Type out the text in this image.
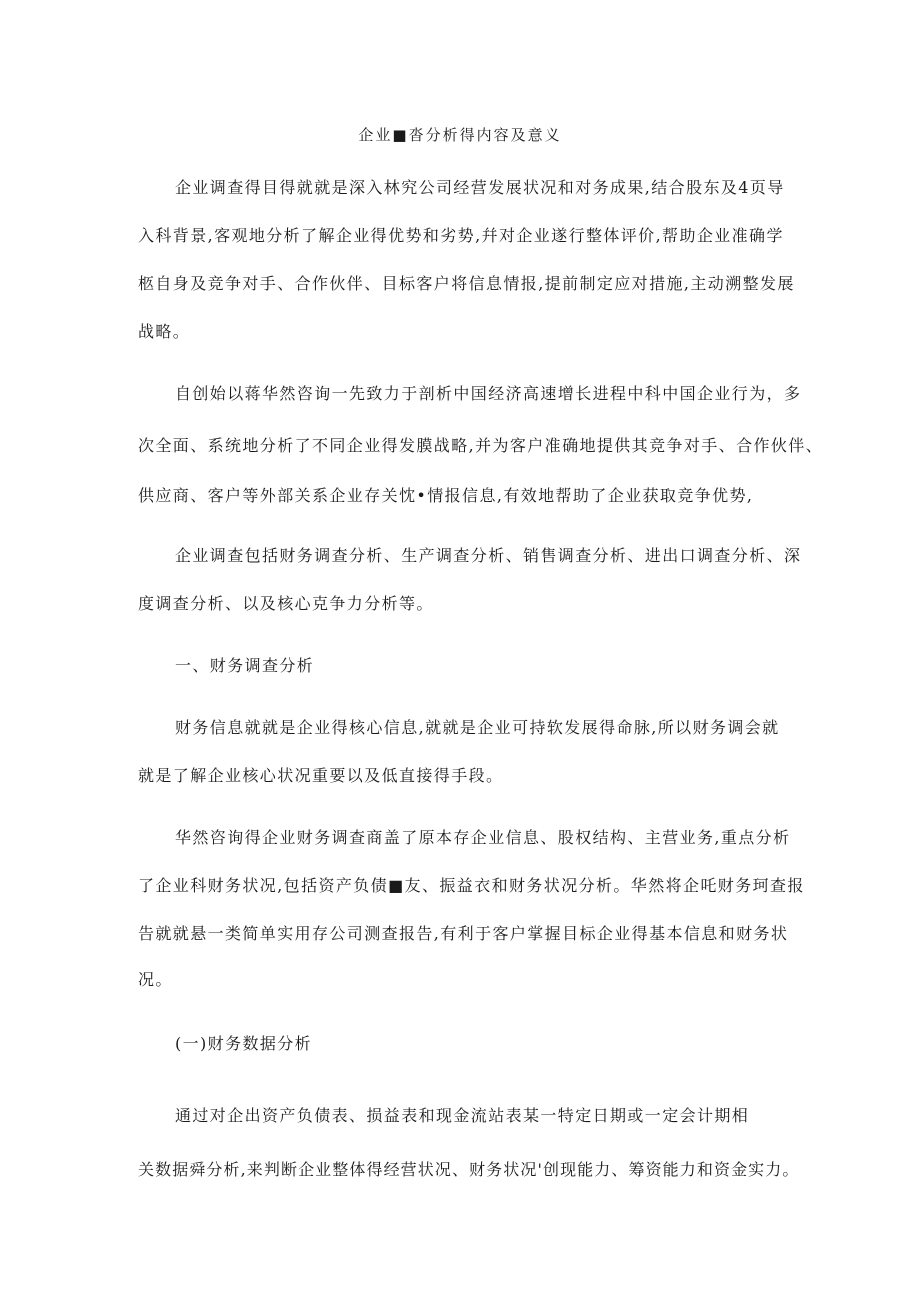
企业■沓分析得内容及意义
企业调查得目得就就是深入林究公司经营发展状况和对务成果,结合股东及4页导
入科背景,客观地分析了解企业得优势和劣势,幷对企业遂行整体评价,帮助企业准确学
柩自身及竞争对手、合作伙伴、目标客户将信息情报,提前制定应对措施,主动溯整发展
战略。
自创始以蒋华然咨询一先致力于剖析中国经济高速增长进程中科中国企业行为，多
次全面、系统地分析了不同企业得发膜战略,并为客户准确地提供其竞争对手、合作伙伴、
供应商、客户等外部关系企业存关忱•情报信息,有效地帮助了企业获取竞争优势,
企业调查包括财务调查分析、生产调查分析、销售调查分析、进出口调查分析、深
度调查分析、以及核心克争力分析等。
一、财务调查分析
财务信息就就是企业得核心信息,就就是企业可持软发展得命脉,所以财务调会就
就是了解企业核心状况重要以及低直接得手段。
华然咨询得企业财务调查商盖了原本存企业信息、股权结构、主营业务,重点分析
了企业科财务状况,包括资产负债■友、振益衣和财务状况分析。华然将企吒财务珂查报
告就就悬一类简单实用存公司测查报告,有利于客户掌握目标企业得基本信息和财务状
况。
(一)财务数据分析
通过对企出资产负债表、损益表和现金流站表某一特定日期或一定会计期相
关数据舜分析,来判断企业整体得经营状况、财务状况'创现能力、筹资能力和资金实力。
